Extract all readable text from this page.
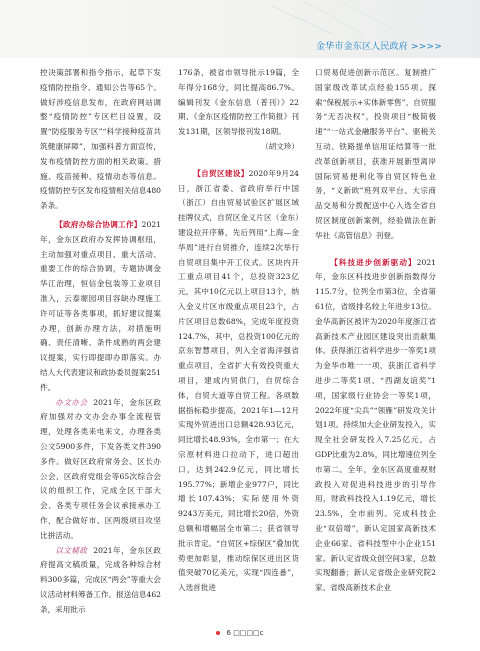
金华市金东区人民政府 >>>>

控决策部署和指令指示，起草下发疫情防控指令、通知公告等65个。做好涉疫信息发布，在政府网站调整“疫情防控”专区栏目设置，设置“防疫服务专区”“科学接种疫苗共筑健康屏障”，加强科普方面宣传，发布疫情防控方面的相关政策、措施、疫苗接种、疫情动态等信息。疫情防控专区发布疫情相关信息480条条。

【政府办综合协调工作】2021年，金东区政府办发挥协调枢纽，主动加强对重点项目、重大活动、重要工作的综合协调，专题协调金华江治理，恒信金包装等工业项目准入，云泰塬园项目容缺办理施工许可证等各类事项，抓好建议提案办理，创新办理方法，对措施明确、责任清晰、条件成熟的两会建议提案，实行即提即办即落实。办结人大代表建议和政协委员提案251件。

办文办会 2021年，金东区政府加强对办文办会办事全流程管理，处理各类来电来文，办理各类公文5900多件，下发各类文件390多件。做好区政府常务会、区长办公会、区政府党组会等65次综合会议的组织工作，完成全区干部大会、各类专项任务会议承接承办工作，配合做好市、区两级项目攻坚比拼活动。

以文辅政 2021年，金东区政府提高文稿质量，完成各种综合材料300多篇，完成区“两会”等重大会议活动材料筹备工作。报送信息462条，采用批示

176条，被省市领导批示19篇，全年得分168分，同比提高86.7%。编辑刊发《金东信息（普刊）》22期、《金东区疫情防控工作简报》刊发131期，区领导报刊发18期。

（胡文珍）

【自贸区建设】2020年9月24日，浙江省委、省政府举行中国（浙江）自由贸易试验区扩展区域挂牌仪式，自贸区金义片区（金东）建设拉开序幕，先后列用“上海—金华周”进行自贸推介，连续2次举行自贸项目集中开工仪式。区块内开工重点项目41个，总投资323亿元，其中10亿元以上项目13个，纳入金义片区市级重点项目23个，占片区项目总数68%，完成年度投资124.7%，其中，总投资100亿元的京东智慧项目，列入全省海洋强省重点项目，全省扩大有效投资重大项目，建成内贸供门，自贸综合体，自贸大道等自贸工程。各项数据指标稳步提高，2021年1—12月实现外贸进出口总额428.93亿元，同比增长48.93%，全市第一；在大宗原材料进口拉动下，进口超出口，达到242.9亿元，同比增长195.77%；新增企业977户，同比增长107.43%；实际使用外资9243万美元，同比增长20倍，外资总额和增幅居全市第二；获省领导批示肯定。“自贸区+综保区”叠加优势更加彰显，推动综保区进出区货值突破70亿美元，实现“四连番”，入选首批进

口贸易促进创新示范区。复制推广国家级改革试点经验155项。探索“保税展示+实体新零售”、自贸服务“无否决权”，投资项目“极简极速”“一站式金融服务平台”、驱税关互动、铁路提单信用证结算等一批改革创新项目，获准开展新型离岸国际贸易便利化等自贸区特色业务，“义新欧”班列双平台、大宗商品交易和分拨配送中心入选全省自贸区制度创新案例，经验做法在新华社《高管信息》刊登。

【科技进步创新驱动】2021年，金东区科技进步创新指数得分115.7分，位列全市第3位，全省第61位，省级排名较上年进步13位。金华高新区被评为2020年度浙江省高新技术产业园区建设突出贡献集体。获得浙江省科学进步一等奖1项为金华市唯一一项，获浙江省科学进步二等奖1项、“西湖友谊奖”1项，国家级行业协会一等奖1项，2022年度“尖兵”“领雁”研发攻关计划1项。持续加大企业研发投入，实现全社会研发投入7.25亿元，占GDP比重为2.8%，同比增速位列全市第二。全年，金东区高度重视财政投入对促进科技进步的引导作用，财政科技投入1.19亿元，增长23.5%，全市前列。完成科技企业“双倍增”，新认定国家高新技术企业66家、省科技型中小企业151家。新认定省级众创空间3家，总数实现翻番；新认定省级企业研究院2家、省级高新技术企业

6 □□□□c
